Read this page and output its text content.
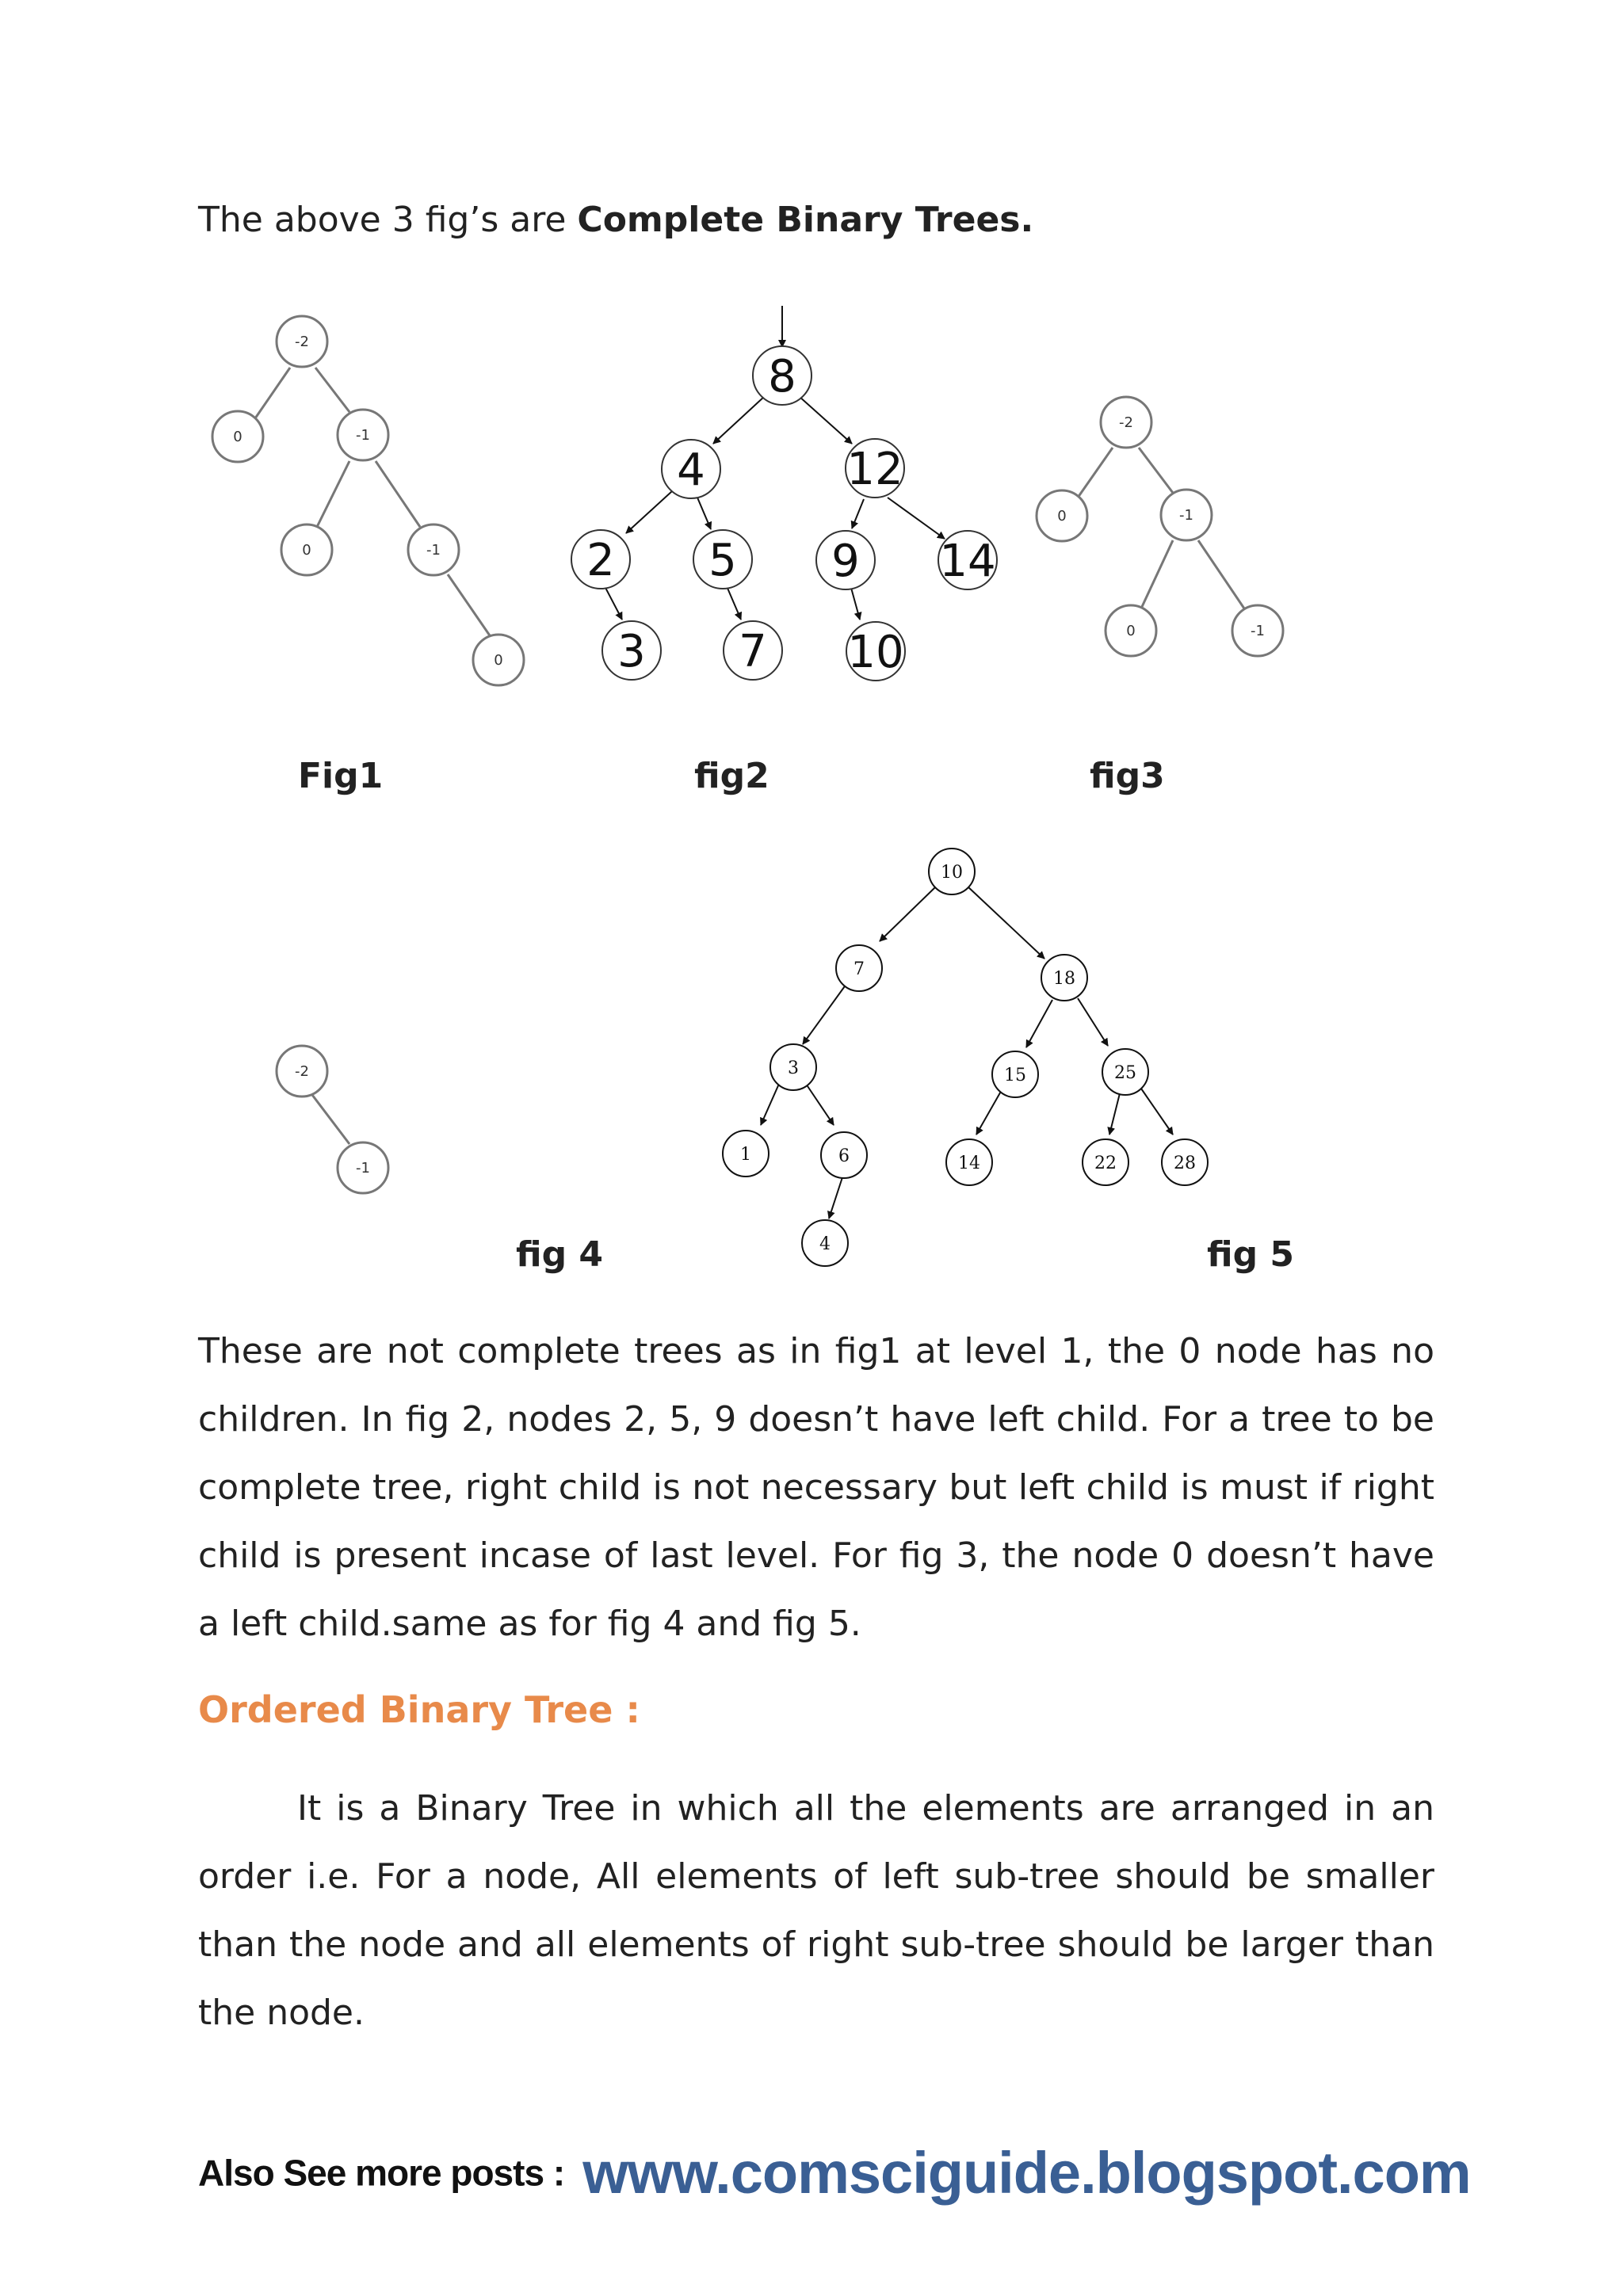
The above 3 fig’s are Complete Binary Trees.
-2
0	-1
0	-1
0
8
4	12
2 5 9 14
3 7 10
-2
0	-1
0	-1
-2
-1
10
7	18
3	15	25
1	6	14	22	28
4
Fig1	fig2	fig3
fig 4	fig 5

These are not complete trees as in fig1 at level 1, the 0 node has no children. In fig 2, nodes 2, 5, 9 doesn’t have left child. For a tree to be complete tree, right child is not necessary but left child is must if right child is present incase of last level. For fig 3, the node 0 doesn’t have a left child.same as for fig 4 and fig 5.

Ordered Binary Tree :

It is a Binary Tree in which all the elements are arranged in an order i.e. For a node, All elements of left sub-tree should be smaller than the node and all elements of right sub-tree should be larger than the node.

Also See more posts : www.comsciguide.blogspot.com
